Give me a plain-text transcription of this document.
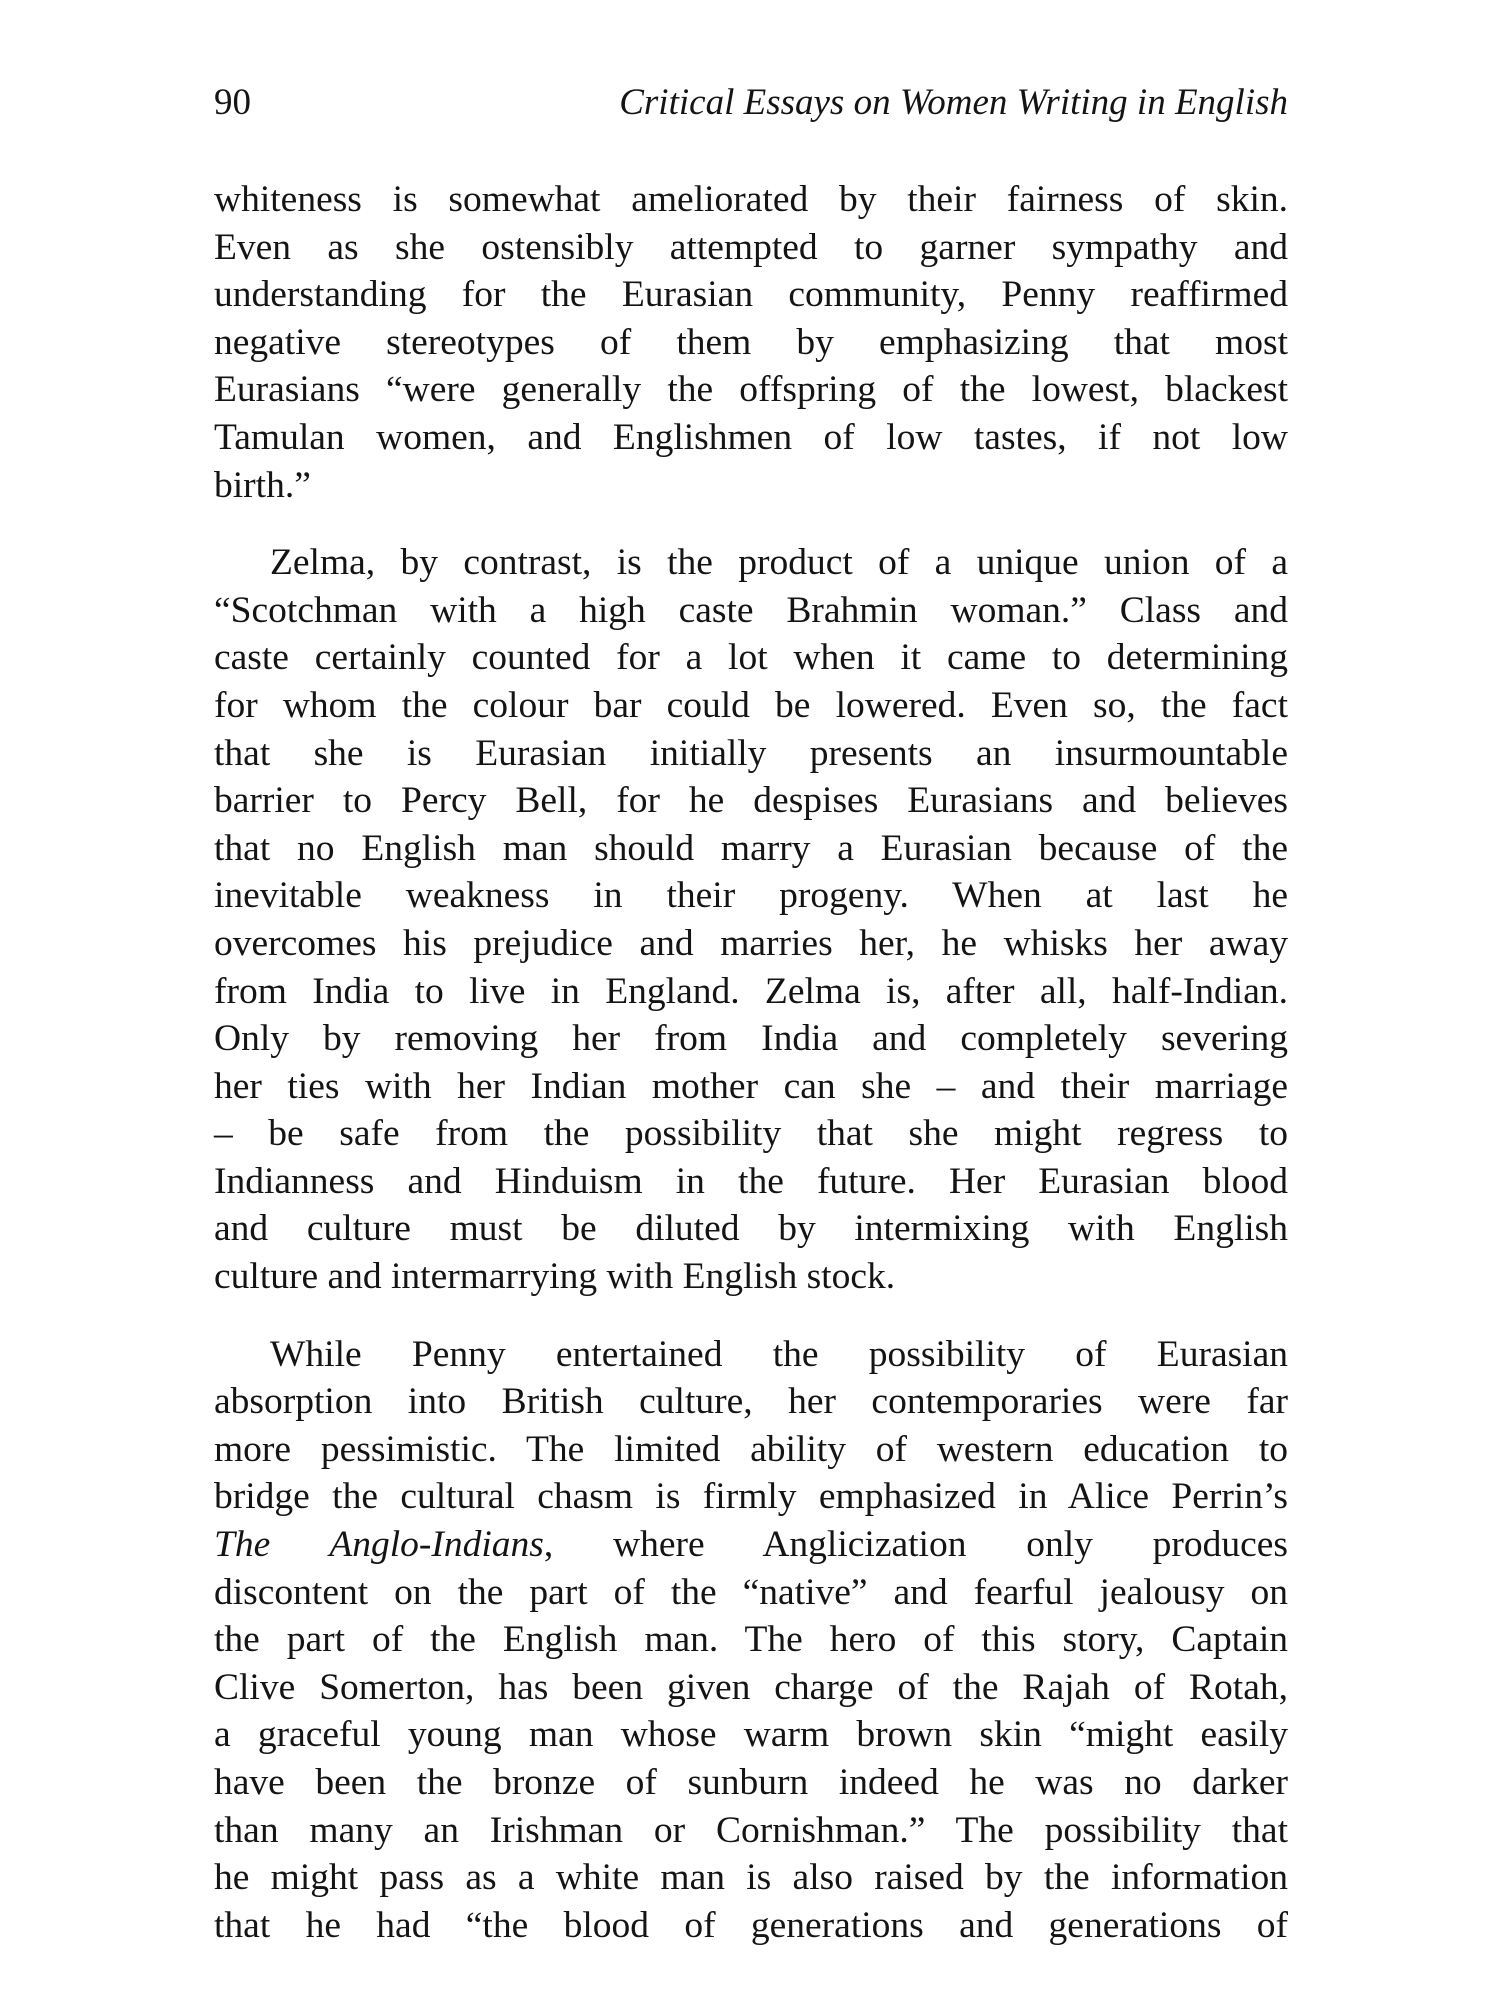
90	Critical Essays on Women Writing in English
whiteness is somewhat ameliorated by their fairness of skin.
Even as she ostensibly attempted to garner sympathy and
understanding for the Eurasian community, Penny reaffirmed
negative stereotypes of them by emphasizing that most
Eurasians “were generally the offspring of the lowest, blackest
Tamulan women, and Englishmen of low tastes, if not low
birth.”
Zelma, by contrast, is the product of a unique union of a
“Scotchman with a high caste Brahmin woman.” Class and
caste certainly counted for a lot when it came to determining
for whom the colour bar could be lowered. Even so, the fact
that she is Eurasian initially presents an insurmountable
barrier to Percy Bell, for he despises Eurasians and believes
that no English man should marry a Eurasian because of the
inevitable weakness in their progeny. When at last he
overcomes his prejudice and marries her, he whisks her away
from India to live in England. Zelma is, after all, half-Indian.
Only by removing her from India and completely severing
her ties with her Indian mother can she – and their marriage
– be safe from the possibility that she might regress to
Indianness and Hinduism in the future. Her Eurasian blood
and culture must be diluted by intermixing with English
culture and intermarrying with English stock.
While Penny entertained the possibility of Eurasian
absorption into British culture, her contemporaries were far
more pessimistic. The limited ability of western education to
bridge the cultural chasm is firmly emphasized in Alice Perrin’s
The Anglo-Indians, where Anglicization only produces
discontent on the part of the “native” and fearful jealousy on
the part of the English man. The hero of this story, Captain
Clive Somerton, has been given charge of the Rajah of Rotah,
a graceful young man whose warm brown skin “might easily
have been the bronze of sunburn indeed he was no darker
than many an Irishman or Cornishman.” The possibility that
he might pass as a white man is also raised by the information
that he had “the blood of generations and generations of
